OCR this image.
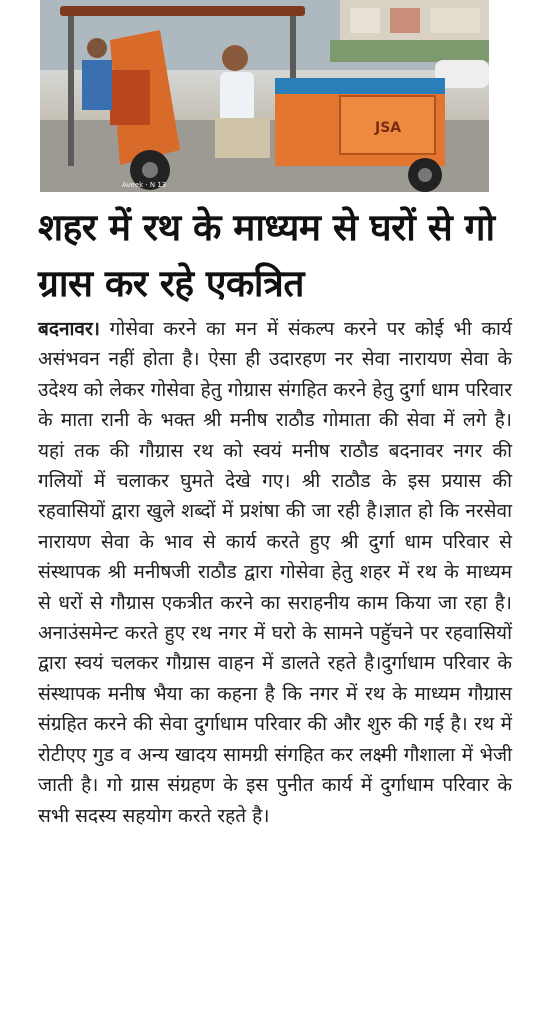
JSA
Aveek · N 13
शहर में रथ के माध्यम से घरों से गो ग्रास कर रहे एकत्रित

बदनावर। गोसेवा करने का मन में संकल्प करने पर कोई भी कार्य असंभवन नहीं होता है। ऐसा ही उदारहण नर सेवा नारायण सेवा के उदेश्य को लेकर गोसेवा हेतु गोग्रास संगहित करने हेतु दुर्गा धाम परिवार के माता रानी के भक्त श्री मनीष राठौड गोमाता की सेवा में लगे है। यहां तक की गौग्रास रथ को स्वयं मनीष राठौड बदनावर नगर की गलियों में चलाकर घुमते देखे गए। श्री राठौड के इस प्रयास की रहवासियों द्वारा खुले शब्दों में प्रशंषा की जा रही है।ज्ञात हो कि नरसेवा नारायण सेवा के भाव से कार्य करते हुए श्री दुर्गा धाम परिवार से संस्थापक श्री मनीषजी राठौड द्वारा गोसेवा हेतु शहर में रथ के माध्यम से धरों से गौग्रास एकत्रीत करने का सराहनीय काम किया जा रहा है। अनाउंसमेन्ट करते हुए रथ नगर में घरो के सामने पहुॅचने पर रहवासियों द्वारा स्वयं चलकर गौग्रास वाहन में डालते रहते है।दुर्गाधाम परिवार के संस्थापक मनीष भैया का कहना है कि नगर में रथ के माध्यम गौग्रास संग्रहित करने की सेवा दुर्गाधाम परिवार की और शुरु की गई है। रथ में रोटीएए गुड व अन्य खादय सामग्री संगहित कर लक्ष्मी गौशाला में भेजी जाती है। गो ग्रास संग्रहण के इस पुनीत कार्य में दुर्गाधाम परिवार के सभी सदस्य सहयोग करते रहते है।
